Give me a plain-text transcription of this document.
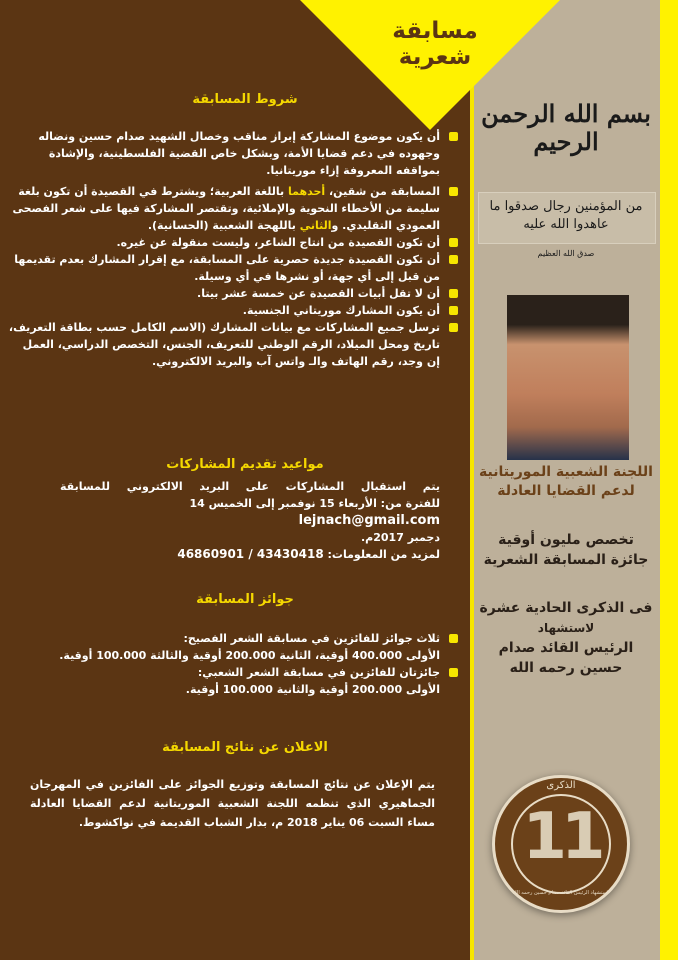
مسابقة
شعرية
بسم الله الرحمن الرحيم
من المؤمنين رجال صدقوا ما عاهدوا الله عليه
صدق الله العظيم
اللجنة الشعبية الموريتانية
لدعم القضايا العادلة
تخصص مليون أوقية
جائزة المسابقة الشعرية
فى الذكرى الحادية عشرة
لاستشهاد
الرئيس القائد صدام
حسين رحمه الله
الذكرى
11
لاستشهاد الرئيس القائد صدام حسين رحمه الله
شروط المسابقة
أن يكون موضوع المشاركة إبراز مناقب وخصال الشهيد صدام حسين ونضاله وجهوده في دعم قضايا الأمة، وبشكل خاص القضية الفلسطينية، والإشادة بمواقفه المعروفة إزاء موريتانيا.
المسابقة من شقين، أحدهما باللغة العربية؛ ويشترط في القصيدة أن تكون بلغة سليمة من الأخطاء النحوية والإملائية، وتقتصر المشاركة فيها على شعر الفصحى العمودي التقليدي. والثاني باللهجة الشعبية (الحسانية).
أن تكون القصيدة من انتاج الشاعر، وليست منقولة عن غيره.
أن تكون القصيدة جديدة حصرية على المسابقة، مع إقرار المشارك بعدم تقديمها من قبل إلى أي جهة، أو نشرها في أي وسيلة.
أن لا تقل أبيات القصيدة عن خمسة عشر بيتا.
أن يكون المشارك موريتاني الجنسية.
ترسل جميع المشاركات مع بيانات المشارك (الاسم الكامل حسب بطاقة التعريف، تاريخ ومحل الميلاد، الرقم الوطني للتعريف، الجنس، التخصص الدراسي، العمل إن وجد، رقم الهاتف والـ واتس آب والبريد الالكتروني.
مواعيد تقديم المشاركات
يتم استقبال المشاركات على البريد الالكتروني للمسابقة
للفترة من: الأربعاء 15 نوفمبر إلى الخميس 14 lejnach@gmail.com
دجمبر 2017م.
لمزيد من المعلومات: 46860901 / 43430418
جوائز المسابقة
ثلاث جوائز للفائزين في مسابقة الشعر الفصيح:
الأولى 400.000 أوقية، الثانية 200.000 أوقية والثالثة 100.000 أوقية.
جائزتان للفائزين في مسابقة الشعر الشعبي:
الأولى 200.000 أوقية والثانية 100.000 أوقية.
الاعلان عن نتائج المسابقة
يتم الإعلان عن نتائج المسابقة وتوزيع الجوائز على الفائزين في المهرجان الجماهيري الذي تنظمه اللجنة الشعبية الموريتانية لدعم القضايا العادلة مساء السبت 06 يناير 2018 م، بدار الشباب القديمة في نواكشوط.
